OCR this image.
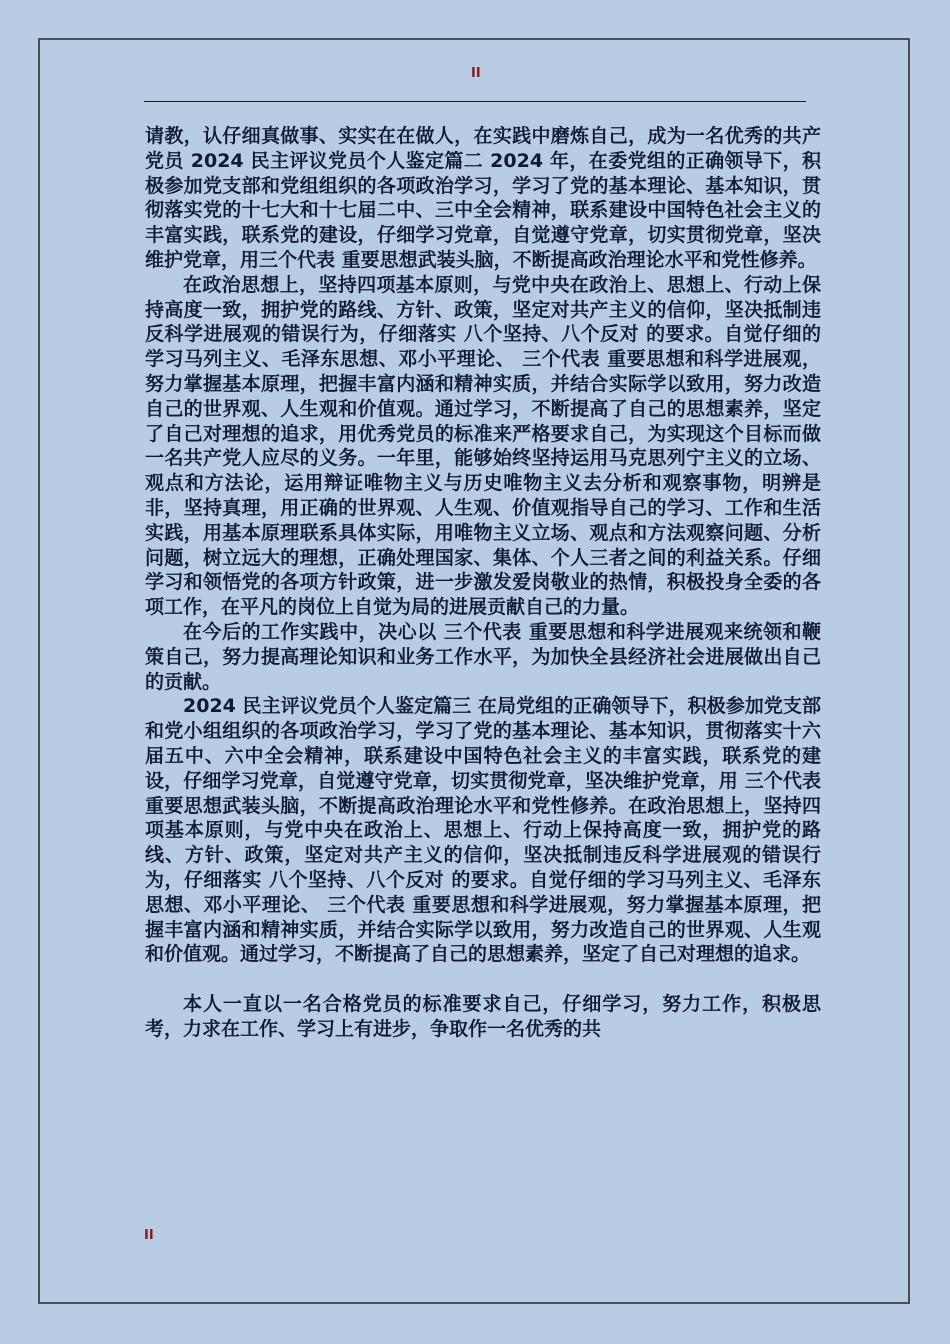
II

请教，认仔细真做事、实实在在做人，在实践中磨炼自己，成为一名优秀的共产党员 2024 民主评议党员个人鉴定篇二 2024 年，在委党组的正确领导下，积极参加党支部和党组组织的各项政治学习，学习了党的基本理论、基本知识，贯彻落实党的十七大和十七届二中、三中全会精神，联系建设中国特色社会主义的丰富实践，联系党的建设，仔细学习党章，自觉遵守党章，切实贯彻党章，坚决维护党章，用三个代表 重要思想武装头脑，不断提高政治理论水平和党性修养。

在政治思想上，坚持四项基本原则，与党中央在政治上、思想上、行动上保持高度一致，拥护党的路线、方针、政策，坚定对共产主义的信仰，坚决抵制违反科学进展观的错误行为，仔细落实 八个坚持、八个反对 的要求。自觉仔细的学习马列主义、毛泽东思想、邓小平理论、 三个代表 重要思想和科学进展观，努力掌握基本原理，把握丰富内涵和精神实质，并结合实际学以致用，努力改造自己的世界观、人生观和价值观。通过学习，不断提高了自己的思想素养，坚定了自己对理想的追求，用优秀党员的标准来严格要求自己，为实现这个目标而做一名共产党人应尽的义务。一年里，能够始终坚持运用马克思列宁主义的立场、观点和方法论，运用辩证唯物主义与历史唯物主义去分析和观察事物，明辨是非，坚持真理，用正确的世界观、人生观、价值观指导自己的学习、工作和生活实践，用基本原理联系具体实际，用唯物主义立场、观点和方法观察问题、分析问题，树立远大的理想，正确处理国家、集体、个人三者之间的利益关系。仔细学习和领悟党的各项方针政策，进一步激发爱岗敬业的热情，积极投身全委的各项工作，在平凡的岗位上自觉为局的进展贡献自己的力量。

在今后的工作实践中，决心以 三个代表 重要思想和科学进展观来统领和鞭策自己，努力提高理论知识和业务工作水平，为加快全县经济社会进展做出自己的贡献。

2024 民主评议党员个人鉴定篇三 在局党组的正确领导下，积极参加党支部和党小组组织的各项政治学习，学习了党的基本理论、基本知识，贯彻落实十六届五中、六中全会精神，联系建设中国特色社会主义的丰富实践，联系党的建设，仔细学习党章，自觉遵守党章，切实贯彻党章，坚决维护党章，用 三个代表 重要思想武装头脑，不断提高政治理论水平和党性修养。在政治思想上，坚持四项基本原则，与党中央在政治上、思想上、行动上保持高度一致，拥护党的路线、方针、政策，坚定对共产主义的信仰，坚决抵制违反科学进展观的错误行为，仔细落实 八个坚持、八个反对 的要求。自觉仔细的学习马列主义、毛泽东思想、邓小平理论、 三个代表 重要思想和科学进展观，努力掌握基本原理，把握丰富内涵和精神实质，并结合实际学以致用，努力改造自己的世界观、人生观和价值观。通过学习，不断提高了自己的思想素养，坚定了自己对理想的追求。

本人一直以一名合格党员的标准要求自己，仔细学习，努力工作，积极思考，力求在工作、学习上有进步，争取作一名优秀的共

II
